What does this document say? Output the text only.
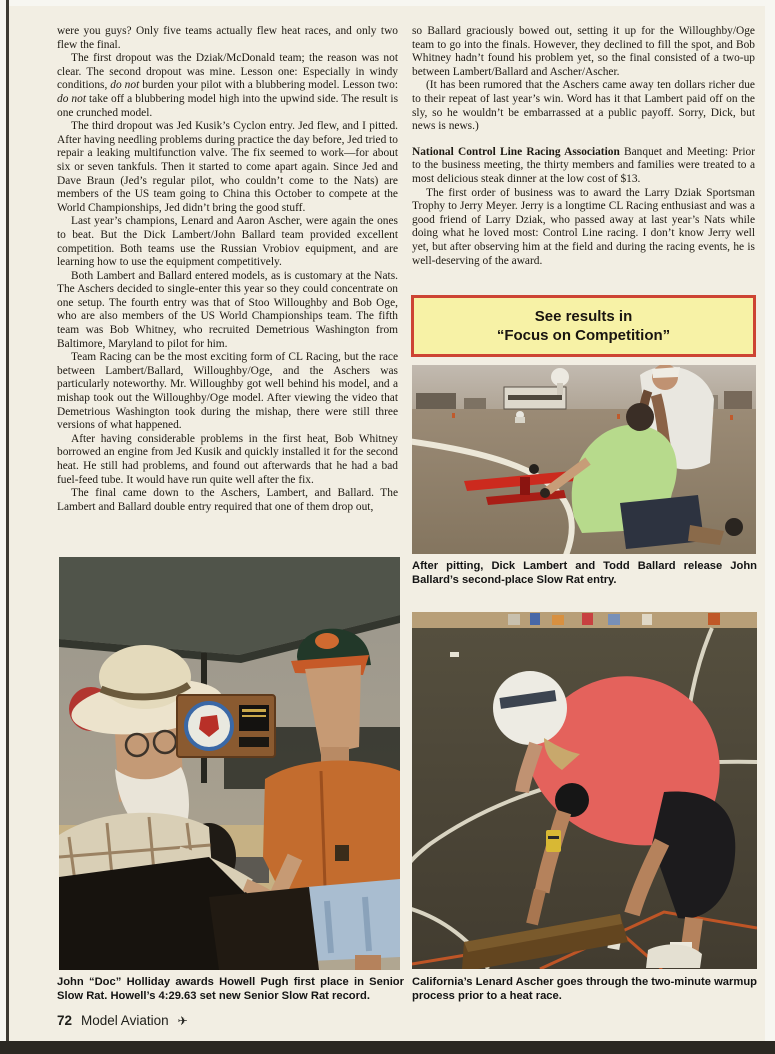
were you guys? Only five teams actually flew heat races, and only two flew the final.

The first dropout was the Dziak/McDonald team; the reason was not clear. The second dropout was mine. Lesson one: Especially in windy conditions, do not burden your pilot with a blubbering model. Lesson two: do not take off a blubbering model high into the upwind side. The result is one crunched model.

The third dropout was Jed Kusik’s Cyclon entry. Jed flew, and I pitted. After having needling problems during practice the day before, Jed tried to repair a leaking multifunction valve. The fix seemed to work—for about six or seven tankfuls. Then it started to come apart again. Since Jed and Dave Braun (Jed’s regular pilot, who couldn’t come to the Nats) are members of the US team going to China this October to compete at the World Championships, Jed didn’t bring the good stuff.

Last year’s champions, Lenard and Aaron Ascher, were again the ones to beat. But the Dick Lambert/John Ballard team provided excellent competition. Both teams use the Russian Vrobiov equipment, and are learning how to use the equipment competitively.

Both Lambert and Ballard entered models, as is customary at the Nats. The Aschers decided to single-enter this year so they could concentrate on one setup. The fourth entry was that of Stoo Willoughby and Bob Oge, who are also members of the US World Championships team. The fifth team was Bob Whitney, who recruited Demetrious Washington from Baltimore, Maryland to pilot for him.

Team Racing can be the most exciting form of CL Racing, but the race between Lambert/Ballard, Willoughby/Oge, and the Aschers was particularly noteworthy. Mr. Willoughby got well behind his model, and a mishap took out the Willoughby/Oge model. After viewing the video that Demetrious Washington took during the mishap, there were still three versions of what happened.

After having considerable problems in the first heat, Bob Whitney borrowed an engine from Jed Kusik and quickly installed it for the second heat. He still had problems, and found out afterwards that he had a bad fuel-feed tube. It would have run quite well after the fix.

The final came down to the Aschers, Lambert, and Ballard. The Lambert and Ballard double entry required that one of them drop out,

so Ballard graciously bowed out, setting it up for the Willoughby/Oge team to go into the finals. However, they declined to fill the spot, and Bob Whitney hadn’t found his problem yet, so the final consisted of a two-up between Lambert/Ballard and Ascher/Ascher.

(It has been rumored that the Aschers came away ten dollars richer due to their repeat of last year’s win. Word has it that Lambert paid off on the sly, so he wouldn’t be embarrassed at a public payoff. Sorry, Dick, but news is news.)

National Control Line Racing Association Banquet and Meeting: Prior to the business meeting, the thirty members and families were treated to a most delicious steak dinner at the low cost of $13.

The first order of business was to award the Larry Dziak Sportsman Trophy to Jerry Meyer. Jerry is a longtime CL Racing enthusiast and was a good friend of Larry Dziak, who passed away at last year’s Nats while doing what he loved most: Control Line racing. I don’t know Jerry well yet, but after observing him at the field and during the racing events, he is well-deserving of the award.

See results in
“Focus on Competition”
After pitting, Dick Lambert and Todd Ballard release John Ballard’s second-place Slow Rat entry.
John “Doc” Holliday awards Howell Pugh first place in Senior Slow Rat. Howell’s 4:29.63 set new Senior Slow Rat record.
California’s Lenard Ascher goes through the two-minute warmup process prior to a heat race.
72 Model Aviation ✈
